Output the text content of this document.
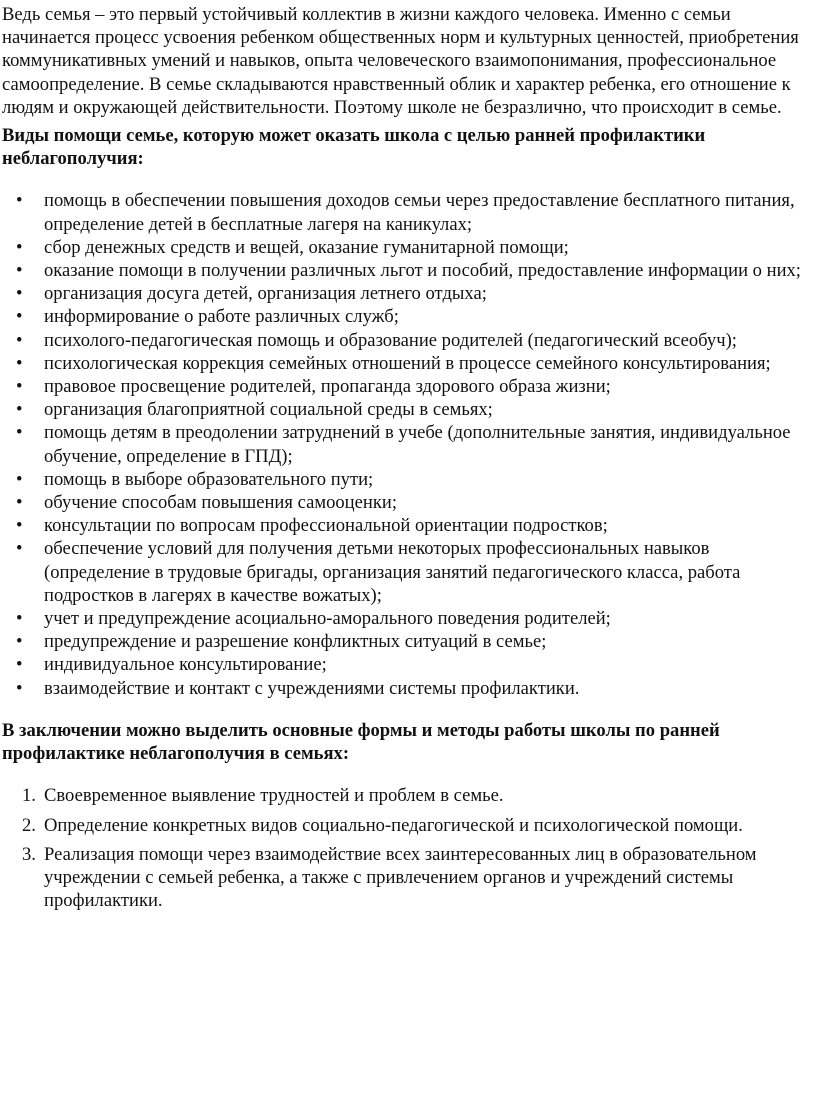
Ведь семья – это первый устойчивый коллектив в жизни каждого человека. Именно с семьи начинается процесс усвоения ребенком общественных норм и культурных ценностей, приобретения коммуникативных умений и навыков, опыта человеческого взаимопонимания, профессиональное самоопределение. В семье складываются нравственный облик и характер ребенка, его отношение к людям и окружающей действительности. Поэтому школе не безразлично, что происходит в семье.

Виды помощи семье, которую может оказать школа с целью ранней профилактики неблагополучия:

• помощь в обеспечении повышения доходов семьи через предоставление бесплатного питания, определение детей в бесплатные лагеря на каникулах;
• сбор денежных средств и вещей, оказание гуманитарной помощи;
• оказание помощи в получении различных льгот и пособий, предоставление информации о них;
• организация досуга детей, организация летнего отдыха;
• информирование о работе различных служб;
• психолого-педагогическая помощь и образование родителей (педагогический всеобуч);
• психологическая коррекция семейных отношений в процессе семейного консультирования;
• правовое просвещение родителей, пропаганда здорового образа жизни;
• организация благоприятной социальной среды в семьях;
• помощь детям в преодолении затруднений в учебе (дополнительные занятия, индивидуальное обучение, определение в ГПД);
• помощь в выборе образовательного пути;
• обучение способам повышения самооценки;
• консультации по вопросам профессиональной ориентации подростков;
• обеспечение условий для получения детьми некоторых профессиональных навыков (определение в трудовые бригады, организация занятий педагогического класса, работа подростков в лагерях в качестве вожатых);
• учет и предупреждение асоциально-аморального поведения родителей;
• предупреждение и разрешение конфликтных ситуаций в семье;
• индивидуальное консультирование;
• взаимодействие и контакт с учреждениями системы профилактики.

В заключении можно выделить основные формы и методы работы школы по ранней профилактике неблагополучия в семьях:

1. Своевременное выявление трудностей и проблем в семье.
2. Определение конкретных видов социально-педагогической и психологической помощи.
3. Реализация помощи через взаимодействие всех заинтересованных лиц в образовательном учреждении с семьей ребенка, а также с привлечением органов и учреждений системы профилактики.
